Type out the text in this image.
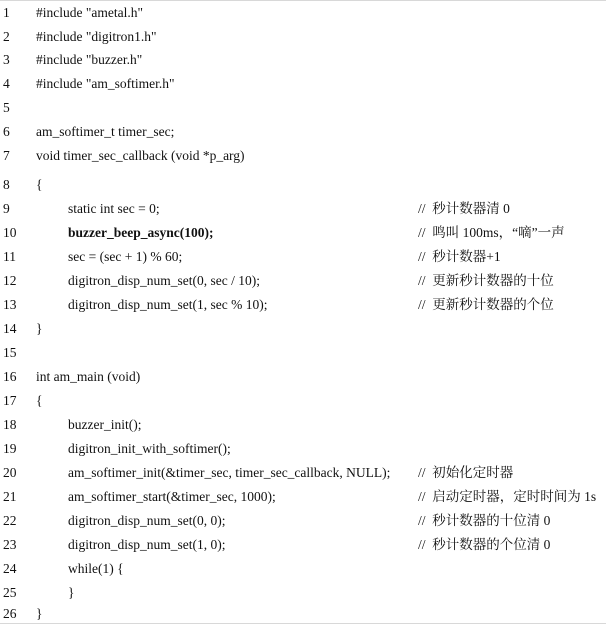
1	#include "ametal.h"
2	#include "digitron1.h"
3	#include "buzzer.h"
4	#include "am_softimer.h"
5
6	am_softimer_t timer_sec;
7	void timer_sec_callback (void *p_arg)
8	{
9	static int sec = 0;	//  秒计数器清 0
10	buzzer_beep_async(100);	//  鸣叫 100ms，“嘀”一声
11	sec = (sec + 1) % 60;	//  秒计数器+1
12	digitron_disp_num_set(0, sec / 10);	//  更新秒计数器的十位
13	digitron_disp_num_set(1, sec % 10);	//  更新秒计数器的个位
14	}
15
16	int am_main (void)
17	{
18	buzzer_init();
19	digitron_init_with_softimer();
20	am_softimer_init(&timer_sec, timer_sec_callback, NULL); //  初始化定时器
21	am_softimer_start(&timer_sec, 1000);	//  启动定时器，定时时间为 1s
22	digitron_disp_num_set(0, 0);	//  秒计数器的十位清 0
23	digitron_disp_num_set(1, 0);	//  秒计数器的个位清 0
24	while(1) {
25	}
26	}
